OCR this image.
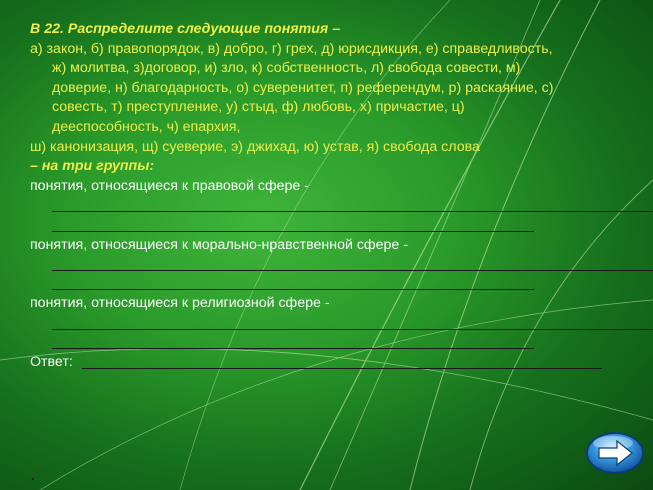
В 22. Распределите следующие понятия –
а) закон, б) правопорядок, в) добро, г) грех, д) юрисдикция, е) справедливость,
ж) молитва, з)договор, и) зло, к) собственность, л) свобода совести, м)
доверие, н) благодарность, о) суверенитет, п) референдум, р) раскаяние, с)
совесть, т) преступление, у) стыд, ф) любовь, х) причастие, ц)
дееспособность, ч) епархия,
ш) канонизация, щ) суеверие, э) джихад, ю) устав, я) свобода слова
– на три группы:
понятия, относящиеся к правовой сфере -
понятия, относящиеся к морально-нравственной сфере -
понятия, относящиеся к религиозной сфере -
Ответ:
